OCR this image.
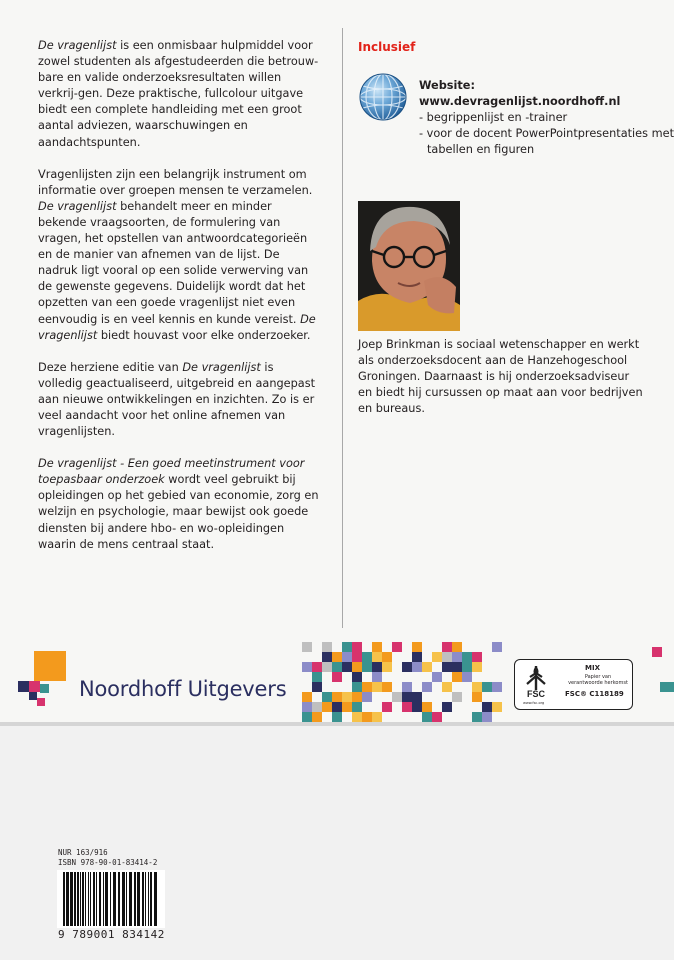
De vragenlijst is een onmisbaar hulpmiddel voor zowel studenten als afgestudeerden die betrouw-bare en valide onderzoeksresultaten willen verkrij-gen. Deze praktische, fullcolour uitgave biedt een complete handleiding met een groot aantal adviezen, waarschuwingen en aandachtspunten.

Vragenlijsten zijn een belangrijk instrument om informatie over groepen mensen te verzamelen. De vragenlijst behandelt meer en minder bekende vraagsoorten, de formulering van vragen, het opstellen van antwoordcategorieën en de manier van afnemen van de lijst. De nadruk ligt vooral op een solide verwerving van de gewenste gegevens. Duidelijk wordt dat het opzetten van een goede vragenlijst niet even eenvoudig is en veel kennis en kunde vereist. De vragenlijst biedt houvast voor elke onderzoeker.

Deze herziene editie van De vragenlijst is volledig geactualiseerd, uitgebreid en aangepast aan nieuwe ontwikkelingen en inzichten. Zo is er veel aandacht voor het online afnemen van vragenlijsten.

De vragenlijst - Een goed meetinstrument voor toepasbaar onderzoek wordt veel gebruikt bij opleidingen op het gebied van economie, zorg en welzijn en psychologie, maar bewijst ook goede diensten bij andere hbo- en wo-opleidingen waarin de mens centraal staat.

Inclusief
Website:
www.devragenlijst.noordhoff.nl
- begrippenlijst en -trainer
- voor de docent PowerPointpresentaties met tabellen en figuren

Joep Brinkman is sociaal wetenschapper en werkt als onderzoeksdocent aan de Hanzehogeschool Groningen. Daarnaast is hij onderzoeksadviseur en biedt hij cursussen op maat aan voor bedrijven en bureaus.

Noordhoff Uitgevers	FSC
MIX
Papier van verantwoorde herkomst
FSC® C118189
www.fsc.org
NUR 163/916
ISBN 978-90-01-83414-2
9 789001 834142
